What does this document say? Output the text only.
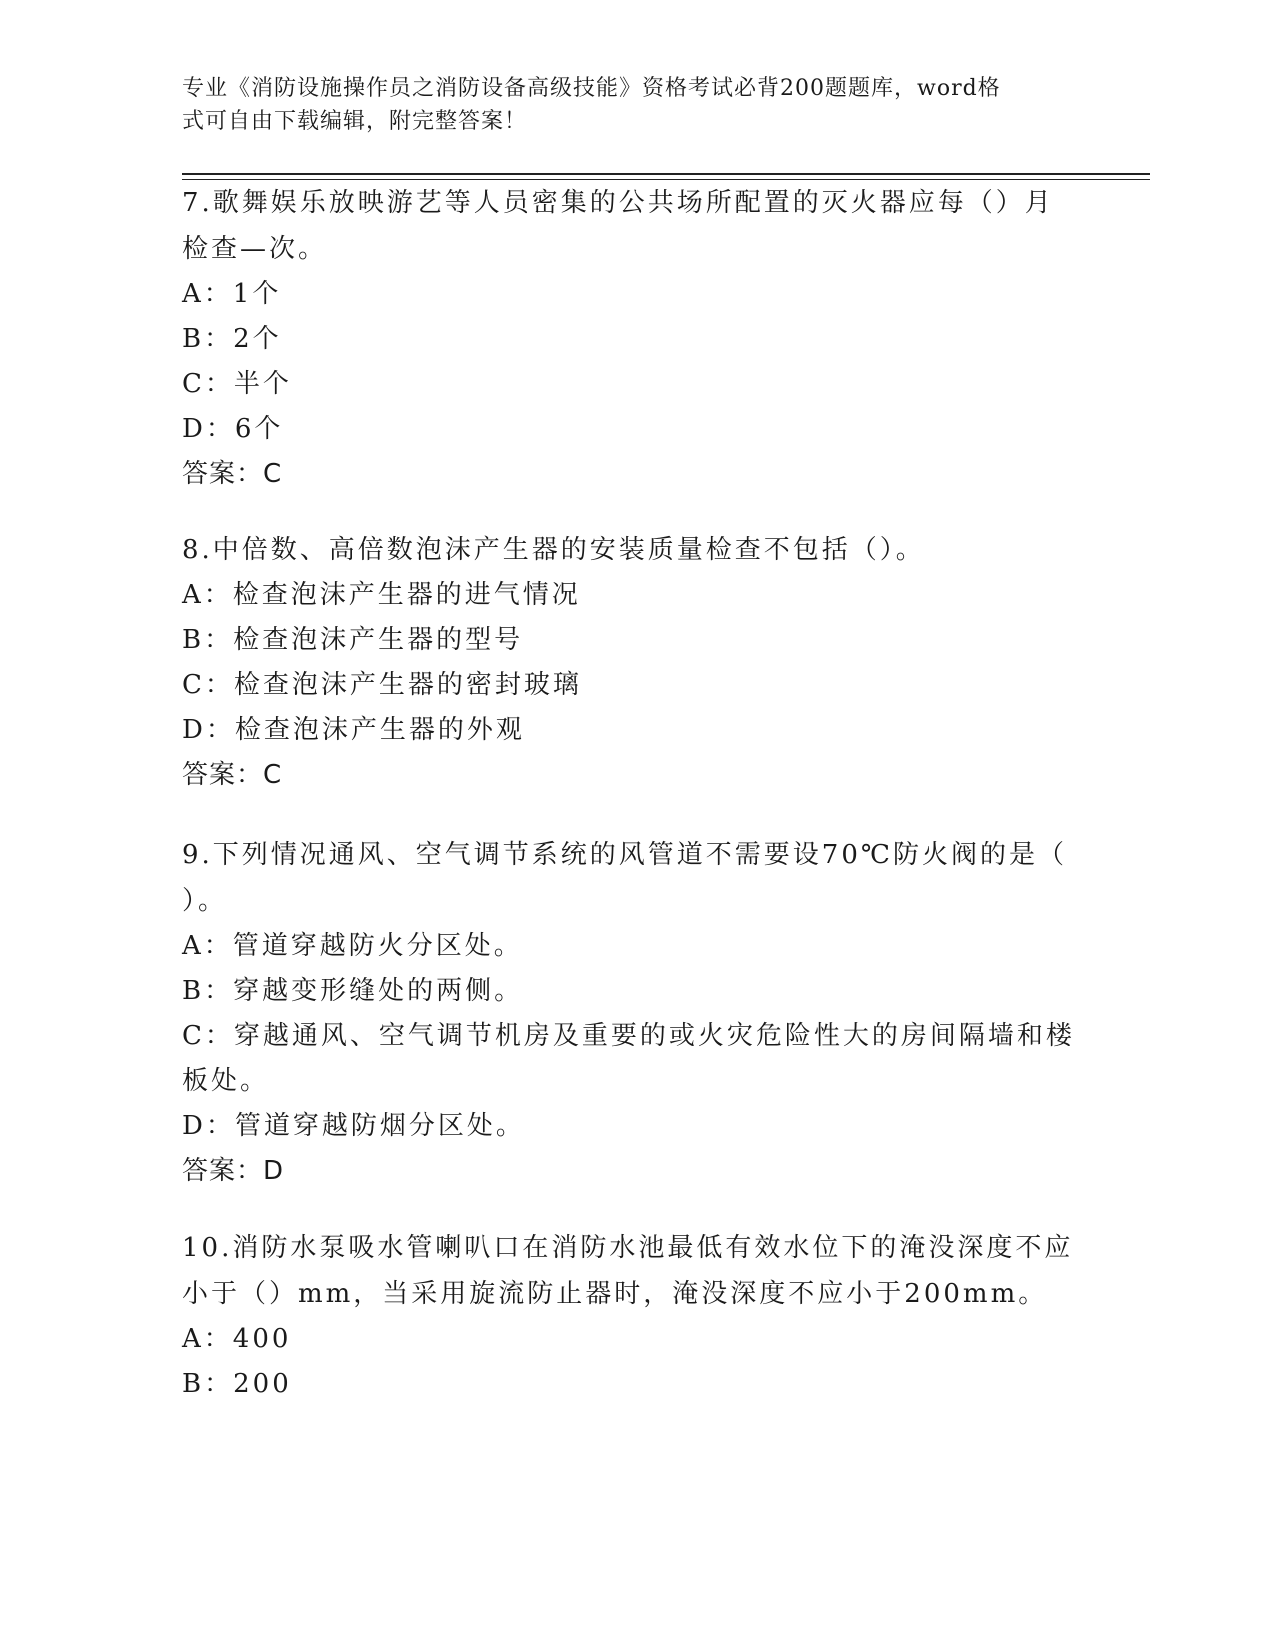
专业《消防设施操作员之消防设备高级技能》资格考试必背200题题库，word格
式可自由下载编辑，附完整答案！
7.歌舞娱乐放映游艺等人员密集的公共场所配置的灭火器应每（）月
检查—次。
A：1个
B：2个
C：半个
D：6个
答案：C
8.中倍数、高倍数泡沫产生器的安装质量检查不包括（）。
A：检查泡沫产生器的进气情况
B：检查泡沫产生器的型号
C：检查泡沫产生器的密封玻璃
D：检查泡沫产生器的外观
答案：C
9.下列情况通风、空气调节系统的风管道不需要设70℃防火阀的是（
）。
A：管道穿越防火分区处。
B：穿越变形缝处的两侧。
C：穿越通风、空气调节机房及重要的或火灾危险性大的房间隔墙和楼
板处。
D：管道穿越防烟分区处。
答案：D
10.消防水泵吸水管喇叭口在消防水池最低有效水位下的淹没深度不应
小于（）mm，当采用旋流防止器时，淹没深度不应小于200mm。
A：400
B：200
